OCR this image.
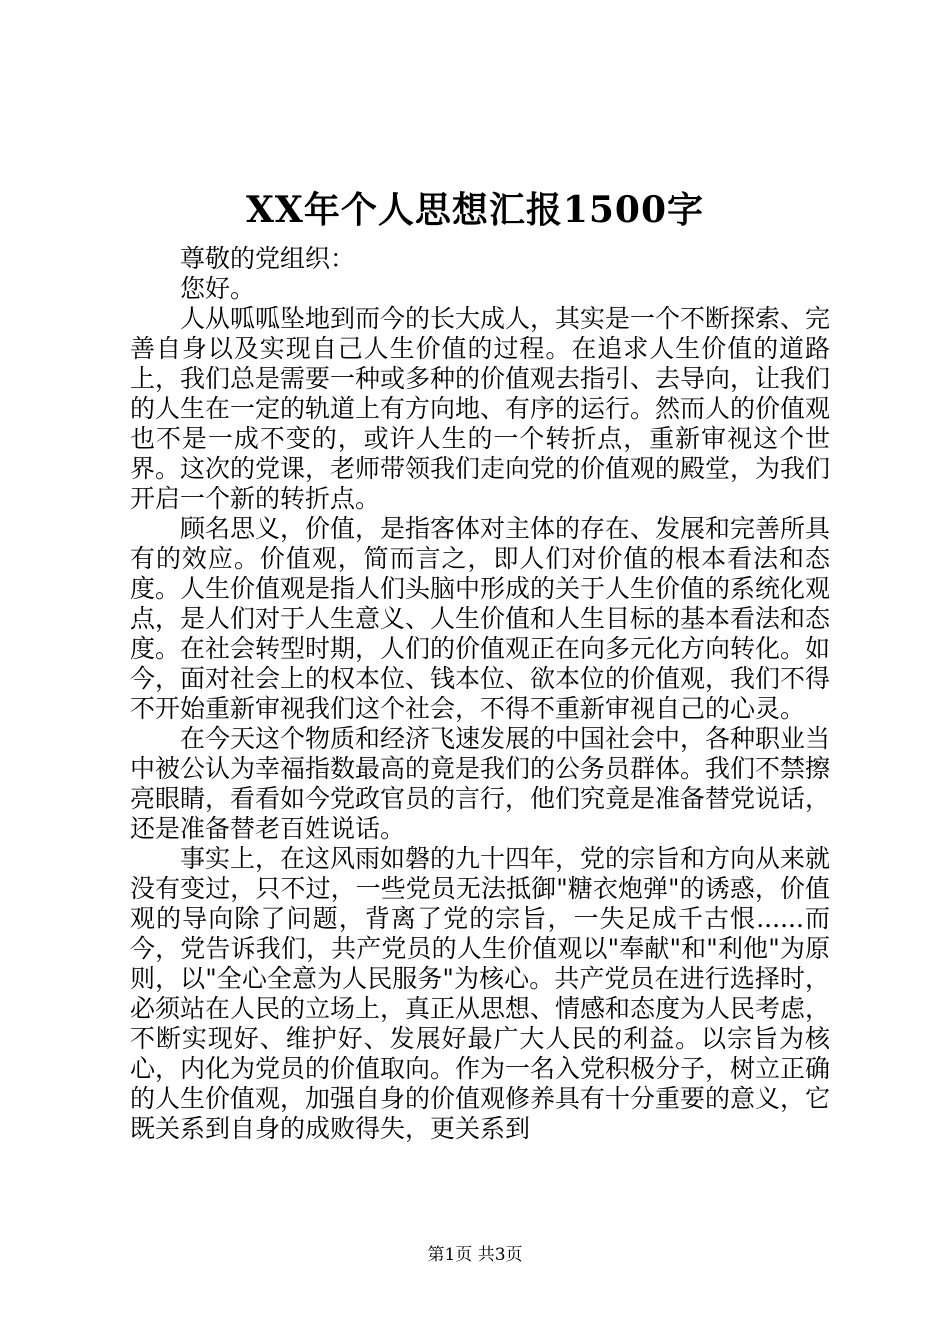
XX年个人思想汇报1500字

尊敬的党组织：

您好。

人从呱呱坠地到而今的长大成人，其实是一个不断探索、完善自身以及实现自己人生价值的过程。在追求人生价值的道路上，我们总是需要一种或多种的价值观去指引、去导向，让我们的人生在一定的轨道上有方向地、有序的运行。然而人的价值观也不是一成不变的，或许人生的一个转折点，重新审视这个世界。这次的党课，老师带领我们走向党的价值观的殿堂，为我们开启一个新的转折点。

顾名思义，价值，是指客体对主体的存在、发展和完善所具有的效应。价值观，简而言之，即人们对价值的根本看法和态度。人生价值观是指人们头脑中形成的关于人生价值的系统化观点，是人们对于人生意义、人生价值和人生目标的基本看法和态度。在社会转型时期，人们的价值观正在向多元化方向转化。如今，面对社会上的权本位、钱本位、欲本位的价值观，我们不得不开始重新审视我们这个社会，不得不重新审视自己的心灵。

在今天这个物质和经济飞速发展的中国社会中，各种职业当中被公认为幸福指数最高的竟是我们的公务员群体。我们不禁擦亮眼睛，看看如今党政官员的言行，他们究竟是准备替党说话，还是准备替老百姓说话。

事实上，在这风雨如磐的九十四年，党的宗旨和方向从来就没有变过，只不过，一些党员无法抵御"糖衣炮弹"的诱惑，价值观的导向除了问题，背离了党的宗旨，一失足成千古恨......而今，党告诉我们，共产党员的人生价值观以"奉献"和"利他"为原则，以"全心全意为人民服务"为核心。共产党员在进行选择时，必须站在人民的立场上，真正从思想、情感和态度为人民考虑，不断实现好、维护好、发展好最广大人民的利益。以宗旨为核心，内化为党员的价值取向。作为一名入党积极分子，树立正确的人生价值观，加强自身的价值观修养具有十分重要的意义，它既关系到自身的成败得失，更关系到

第1页 共3页
